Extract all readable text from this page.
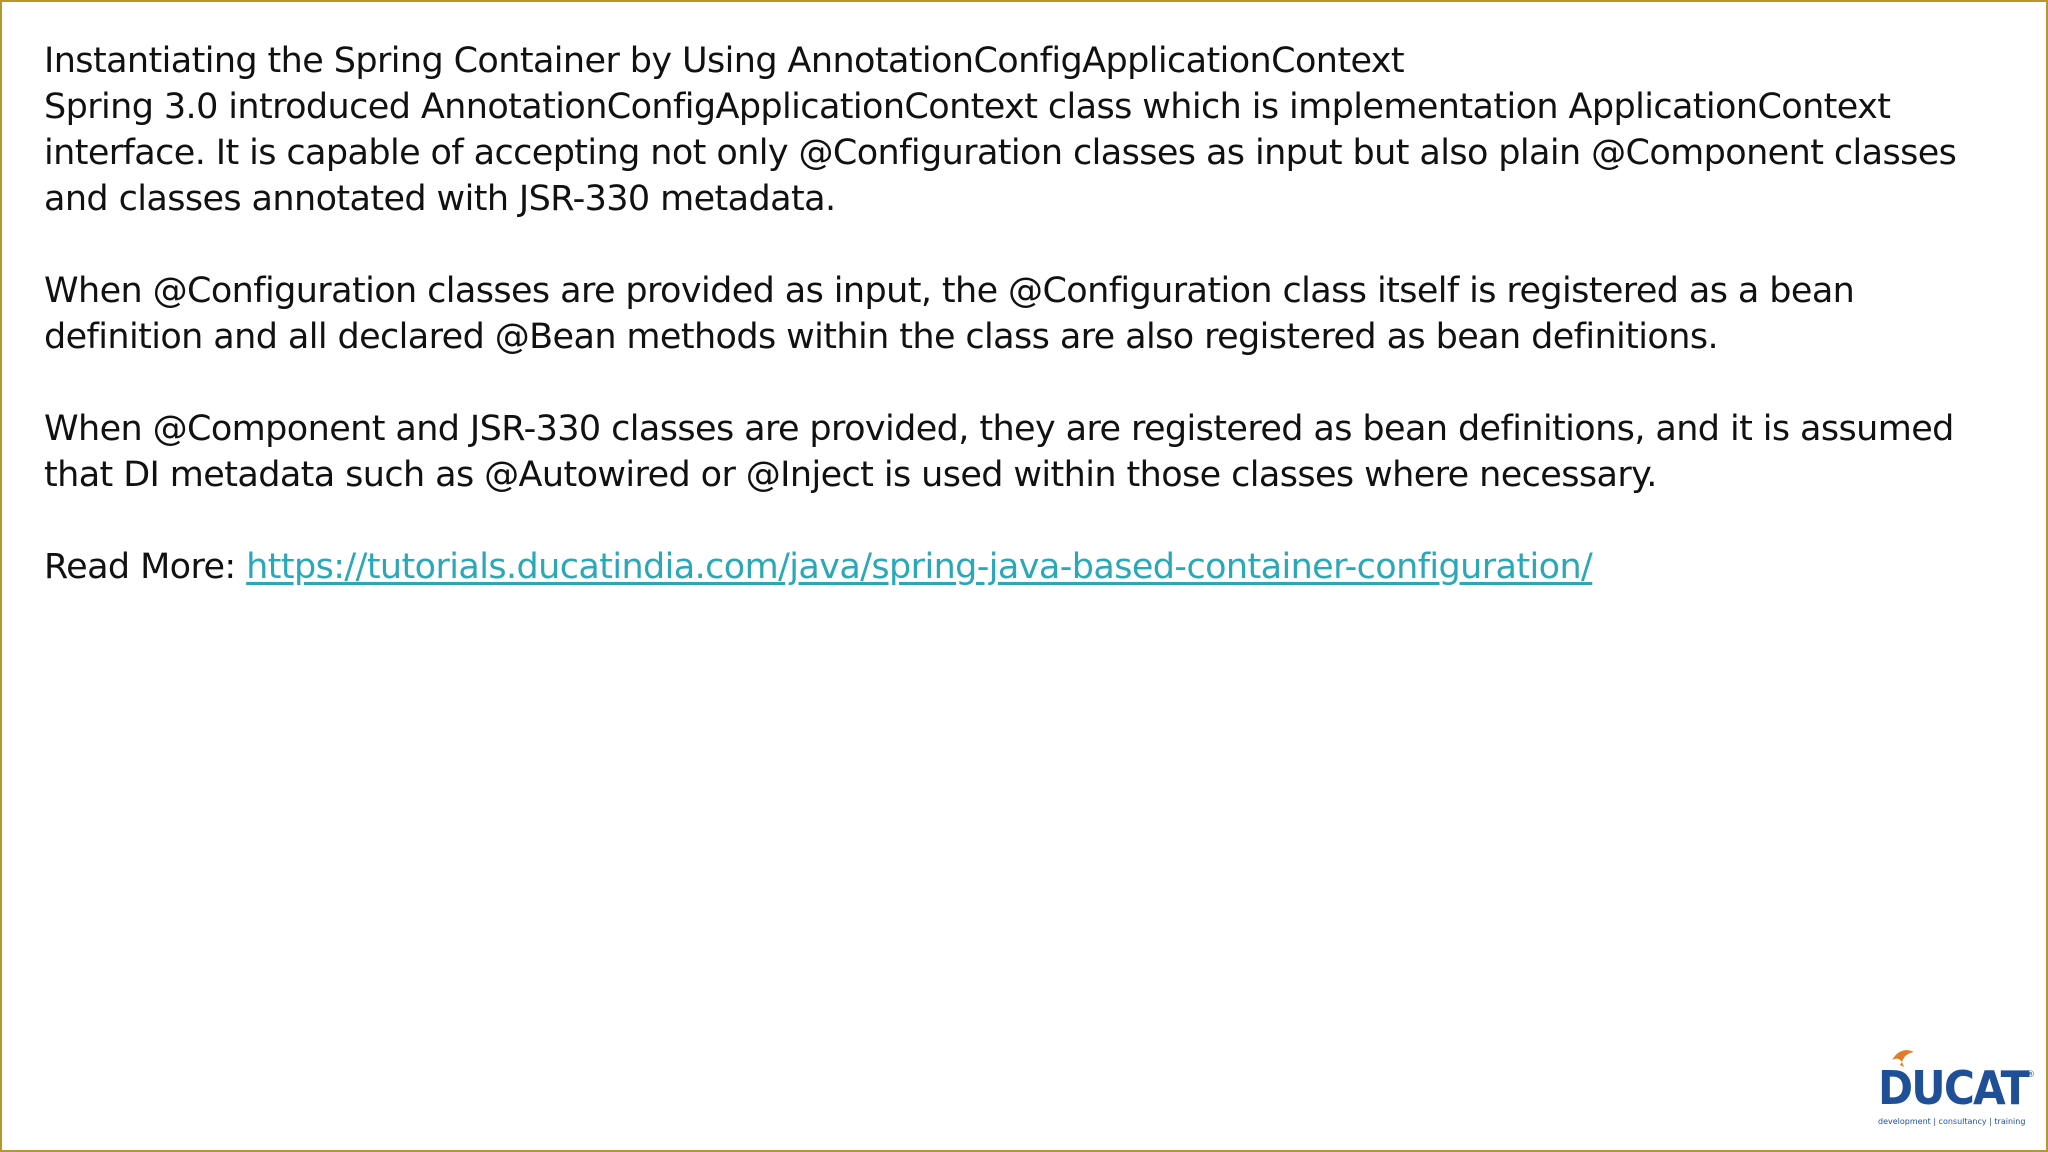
Instantiating the Spring Container by Using AnnotationConfigApplicationContext
Spring 3.0 introduced AnnotationConfigApplicationContext class which is implementation ApplicationContext
interface. It is capable of accepting not only @Configuration classes as input but also plain @Component classes
and classes annotated with JSR-330 metadata.
When @Configuration classes are provided as input, the @Configuration class itself is registered as a bean
definition and all declared @Bean methods within the class are also registered as bean definitions.
When @Component and JSR-330 classes are provided, they are registered as bean definitions, and it is assumed
that DI metadata such as @Autowired or @Inject is used within those classes where necessary.
Read More: https://tutorials.ducatindia.com/java/spring-java-based-container-configuration/
DUCAT
®
development | consultancy | training
